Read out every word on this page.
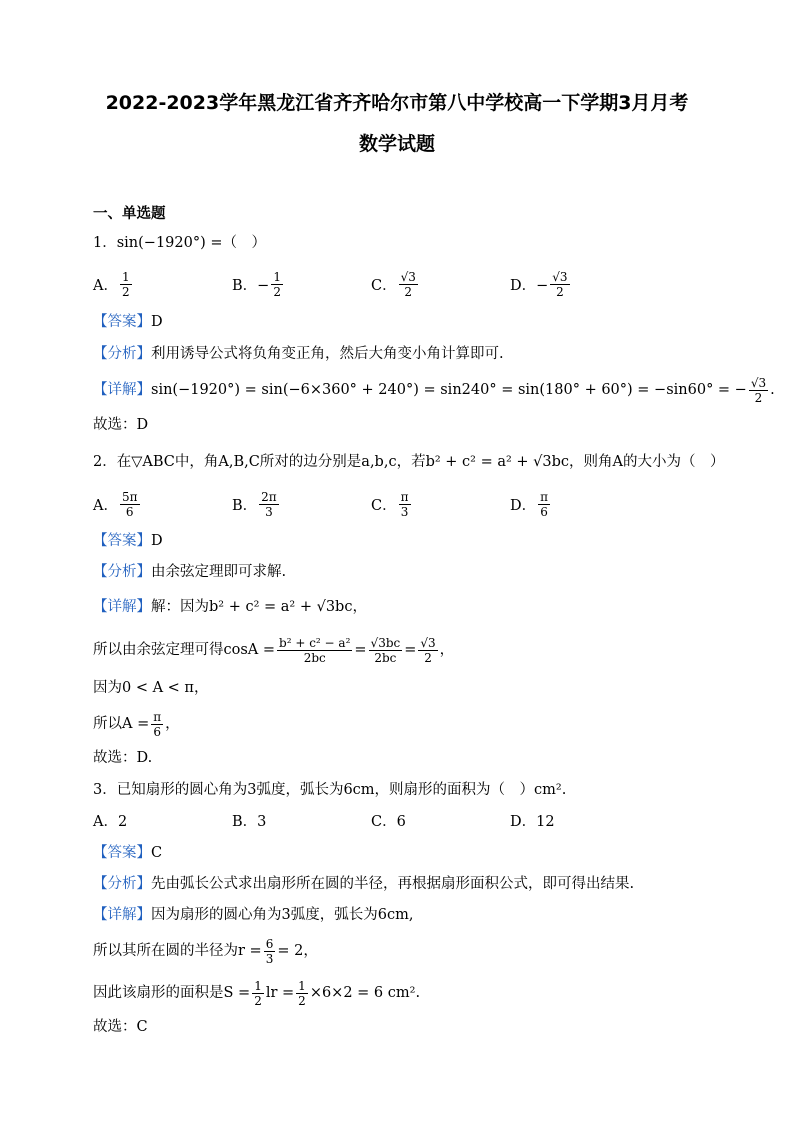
2022-2023学年黑龙江省齐齐哈尔市第八中学校高一下学期3月月考
数学试题
一、单选题
1．sin(−1920°) =（　）
A． $\frac{1}{2}$	B．− $\frac{1}{2}$	C． $\frac{√3}{2}$	D．− $\frac{√3}{2}$
【答案】D
【分析】利用诱导公式将负角变正角，然后大角变小角计算即可.
【详解】 sin(−1920°) = sin(−6×360° + 240°) = sin240° = sin(180° + 60°) = −sin60° = − $\frac{√3}{2}$ .
故选：D
2．在▽ABC中，角A,B,C所对的边分别是a,b,c，若b² + c² = a² + √3bc，则角A的大小为（　）
A． $\frac{5\pi}{6}$	B． $\frac{2\pi}{3}$	C． $\frac{\pi}{3}$	D． $\frac{\pi}{6}$
【答案】D
【分析】由余弦定理即可求解.
【详解】解：因为b² + c² = a² + √3bc，
所以由余弦定理可得$\cos A = \frac{\text{b² + c² − a²}}{2bc} = \frac{√3bc}{2bc} = \frac{√3}{2}$ ，
因为0 < A < π，
所以$A = \frac{\pi}{6}$ ，
故选：D.
3．已知扇形的圆心角为3弧度，弧长为6cm，则扇形的面积为（　）cm².
A．2	B．3	C．6	D．12
【答案】C
【分析】先由弧长公式求出扇形所在圆的半径，再根据扇形面积公式，即可得出结果.
【详解】因为扇形的圆心角为3弧度，弧长为6cm,
所以其所在圆的半径为$r = \frac{6}{3} = 2$，
因此该扇形的面积是$S = \frac{1}{2}$ lr = $\frac{1}{2} \times 6\times 2 = 6$ cm².
故选：C
